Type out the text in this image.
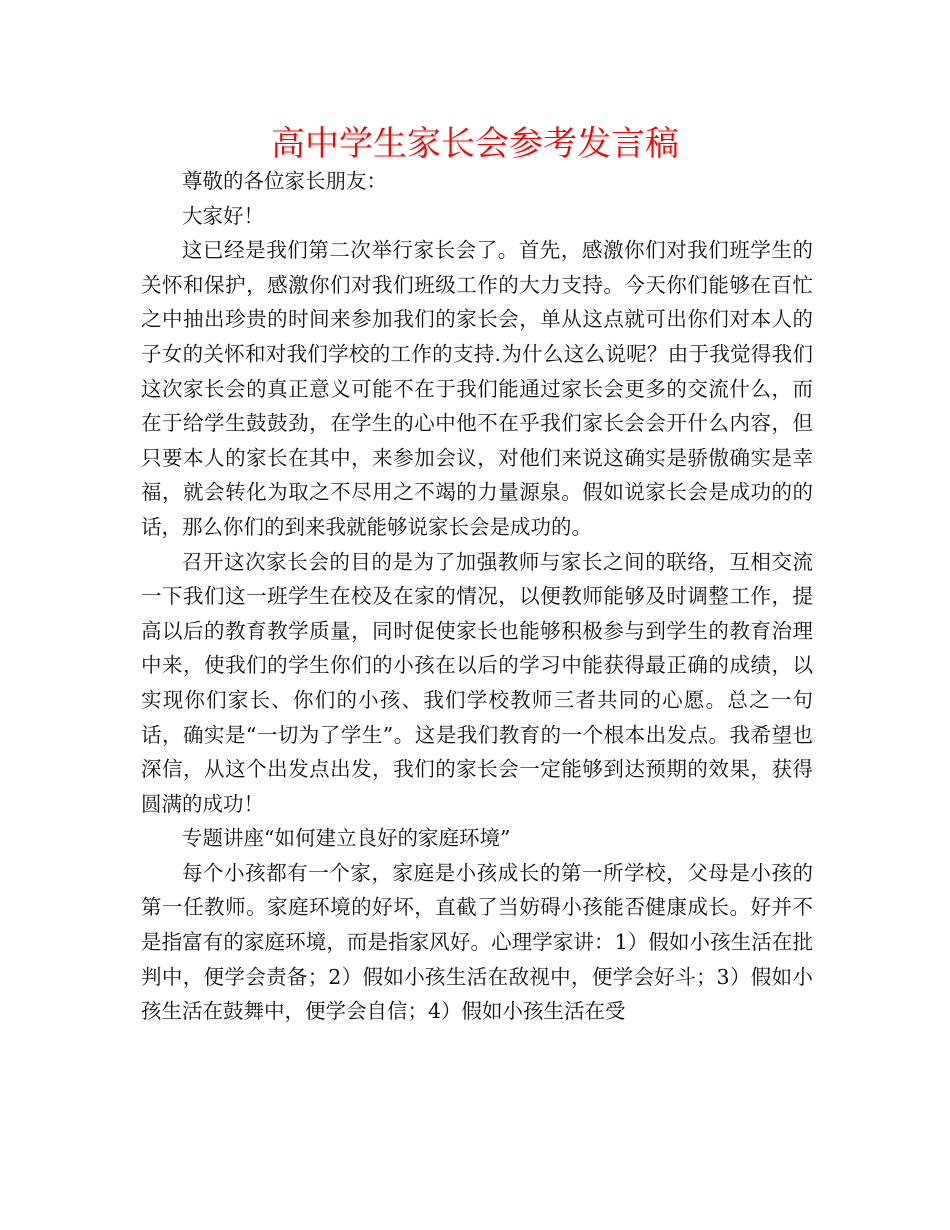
高中学生家长会参考发言稿

尊敬的各位家长朋友：

大家好！

这已经是我们第二次举行家长会了。首先，感激你们对我们班学生的关怀和保护，感激你们对我们班级工作的大力支持。今天你们能够在百忙之中抽出珍贵的时间来参加我们的家长会，单从这点就可出你们对本人的子女的关怀和对我们学校的工作的支持.为什么这么说呢？由于我觉得我们这次家长会的真正意义可能不在于我们能通过家长会更多的交流什么，而在于给学生鼓鼓劲，在学生的心中他不在乎我们家长会会开什么内容，但只要本人的家长在其中，来参加会议，对他们来说这确实是骄傲确实是幸福，就会转化为取之不尽用之不竭的力量源泉。假如说家长会是成功的的话，那么你们的到来我就能够说家长会是成功的。

召开这次家长会的目的是为了加强教师与家长之间的联络，互相交流一下我们这一班学生在校及在家的情况，以便教师能够及时调整工作，提高以后的教育教学质量，同时促使家长也能够积极参与到学生的教育治理中来，使我们的学生你们的小孩在以后的学习中能获得最正确的成绩，以实现你们家长、你们的小孩、我们学校教师三者共同的心愿。总之一句话，确实是“一切为了学生”。这是我们教育的一个根本出发点。我希望也深信，从这个出发点出发，我们的家长会一定能够到达预期的效果，获得圆满的成功！

专题讲座“如何建立良好的家庭环境”

每个小孩都有一个家，家庭是小孩成长的第一所学校，父母是小孩的第一任教师。家庭环境的好坏，直截了当妨碍小孩能否健康成长。好并不是指富有的家庭环境，而是指家风好。心理学家讲：1）假如小孩生活在批判中，便学会责备；2）假如小孩生活在敌视中，便学会好斗；3）假如小孩生活在鼓舞中，便学会自信；4）假如小孩生活在受
